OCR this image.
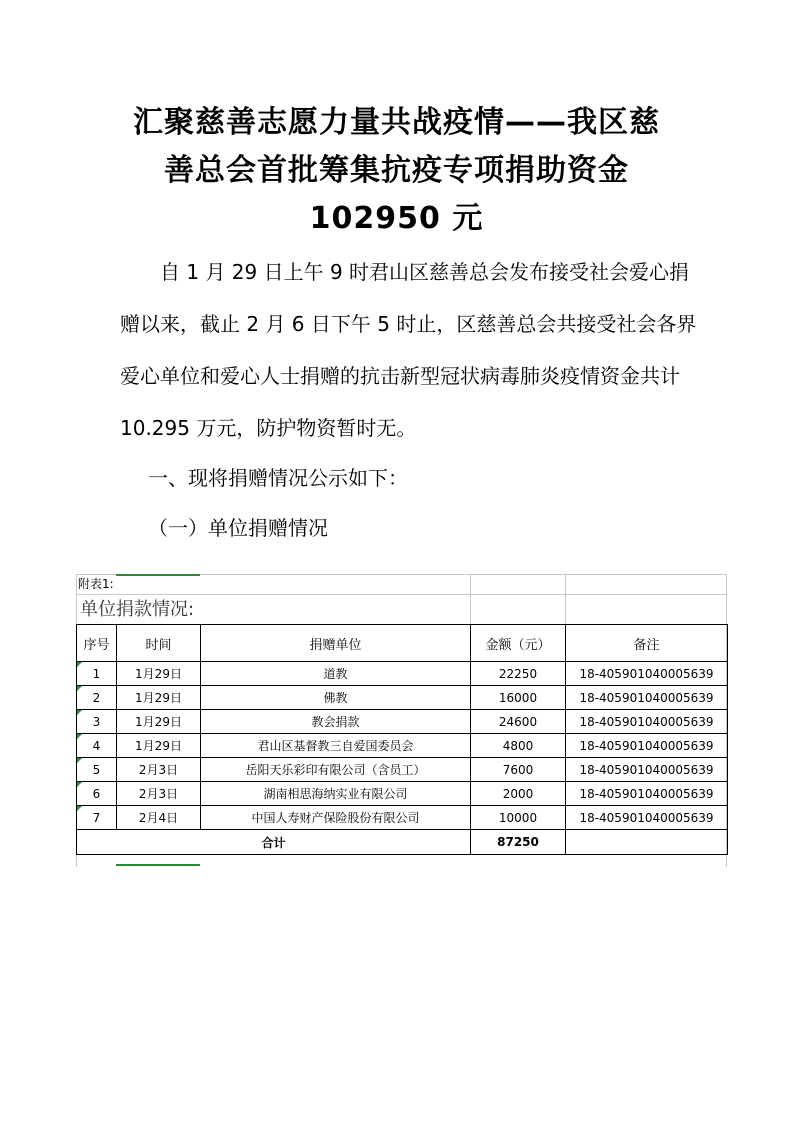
汇聚慈善志愿力量共战疫情——我区慈
善总会首批筹集抗疫专项捐助资金
102950 元
自 1 月 29 日上午 9 时君山区慈善总会发布接受社会爱心捐赠以来，截止 2 月 6 日下午 5 时止，区慈善总会共接受社会各界爱心单位和爱心人士捐赠的抗击新型冠状病毒肺炎疫情资金共计 10.295 万元，防护物资暂时无。
一、现将捐赠情况公示如下：
（一）单位捐赠情况
附表1:
单位捐款情况:
序号	时间	捐赠单位	金额（元）	备注
1	1月29日	道教	22250	18-405901040005639
2	1月29日	佛教	16000	18-405901040005639
3	1月29日	教会捐款	24600	18-405901040005639
4	1月29日	君山区基督教三自爱国委员会	4800	18-405901040005639
5	2月3日	岳阳天乐彩印有限公司（含员工）	7600	18-405901040005639
6	2月3日	湖南相思海纳实业有限公司	2000	18-405901040005639
7	2月4日	中国人寿财产保险股份有限公司	10000	18-405901040005639
合计			87250	
